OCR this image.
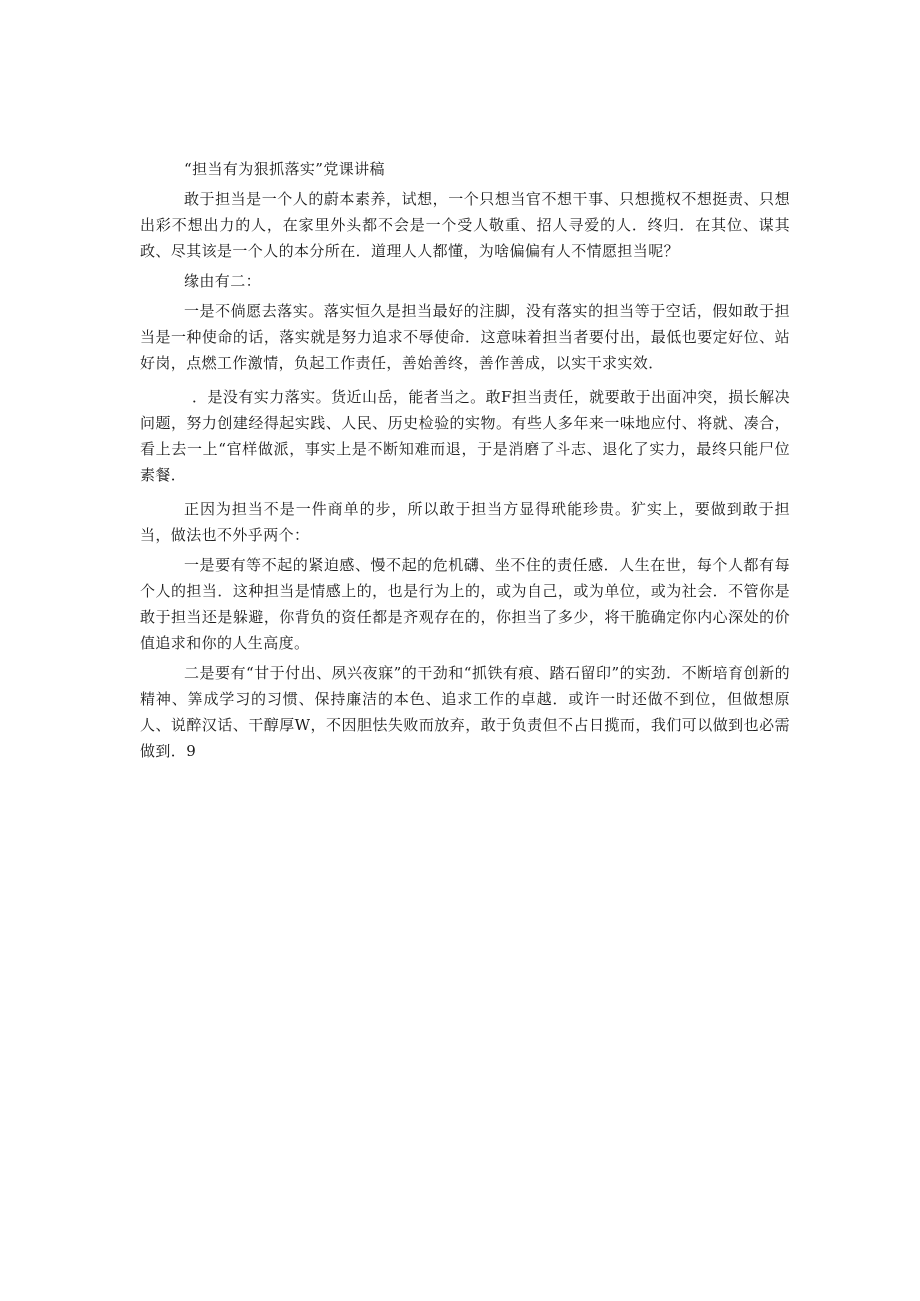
“担当有为狠抓落实”党课讲稿

敢于担当是一个人的蔚本素养，试想，一个只想当官不想干事、只想揽权不想挺责、只想出彩不想出力的人，在家里外头都不会是一个受人敬重、招人寻爱的人．终归．在其位、谋其政、尽其该是一个人的本分所在．道理人人都懂，为啥偏偏有人不情愿担当呢？

缘由有二：

一是不倘愿去落实。落实恒久是担当最好的注脚，没有落实的担当等于空话，假如敢于担当是一种使命的话，落实就是努力追求不辱使命．这意味着担当者要付出，最低也要定好位、站好岗，点燃工作激情，负起工作责任，善始善终，善作善成，以实干求实效．

．是没有实力落实。货近山岳，能者当之。敢F担当责任，就要敢于出面冲突，损长解决问题，努力创建经得起实践、人民、历史检验的实物。有些人多年来一味地应付、将就、凑合，看上去一上“官样做派，事实上是不断知难而退，于是消磨了斗志、退化了实力，最终只能尸位素餐．

正因为担当不是一件商单的步，所以敢于担当方显得玳能珍贵。犷实上，要做到敢于担当，做法也不外乎两个：

一是要有等不起的紧迫感、慢不起的危机礴、坐不住的责任感．人生在世，每个人都有每个人的担当．这种担当是情感上的，也是行为上的，或为自己，或为单位，或为社会．不管你是敢于担当还是躲避，你背负的资任都是齐观存在的，你担当了多少，将干脆确定你内心深处的价值追求和你的人生高度。

二是要有“甘于付出、夙兴夜寐”的干劲和“抓铁有痕、踏石留印”的实劲．不断培育创新的精神、筭成学习的习惯、保持廉洁的本色、追求工作的卓越．或许一时还做不到位，但做想原人、说醉汉话、干醇厚W，不因胆怯失败而放弃，敢于负责但不占日揽而，我们可以做到也必需做到．9
